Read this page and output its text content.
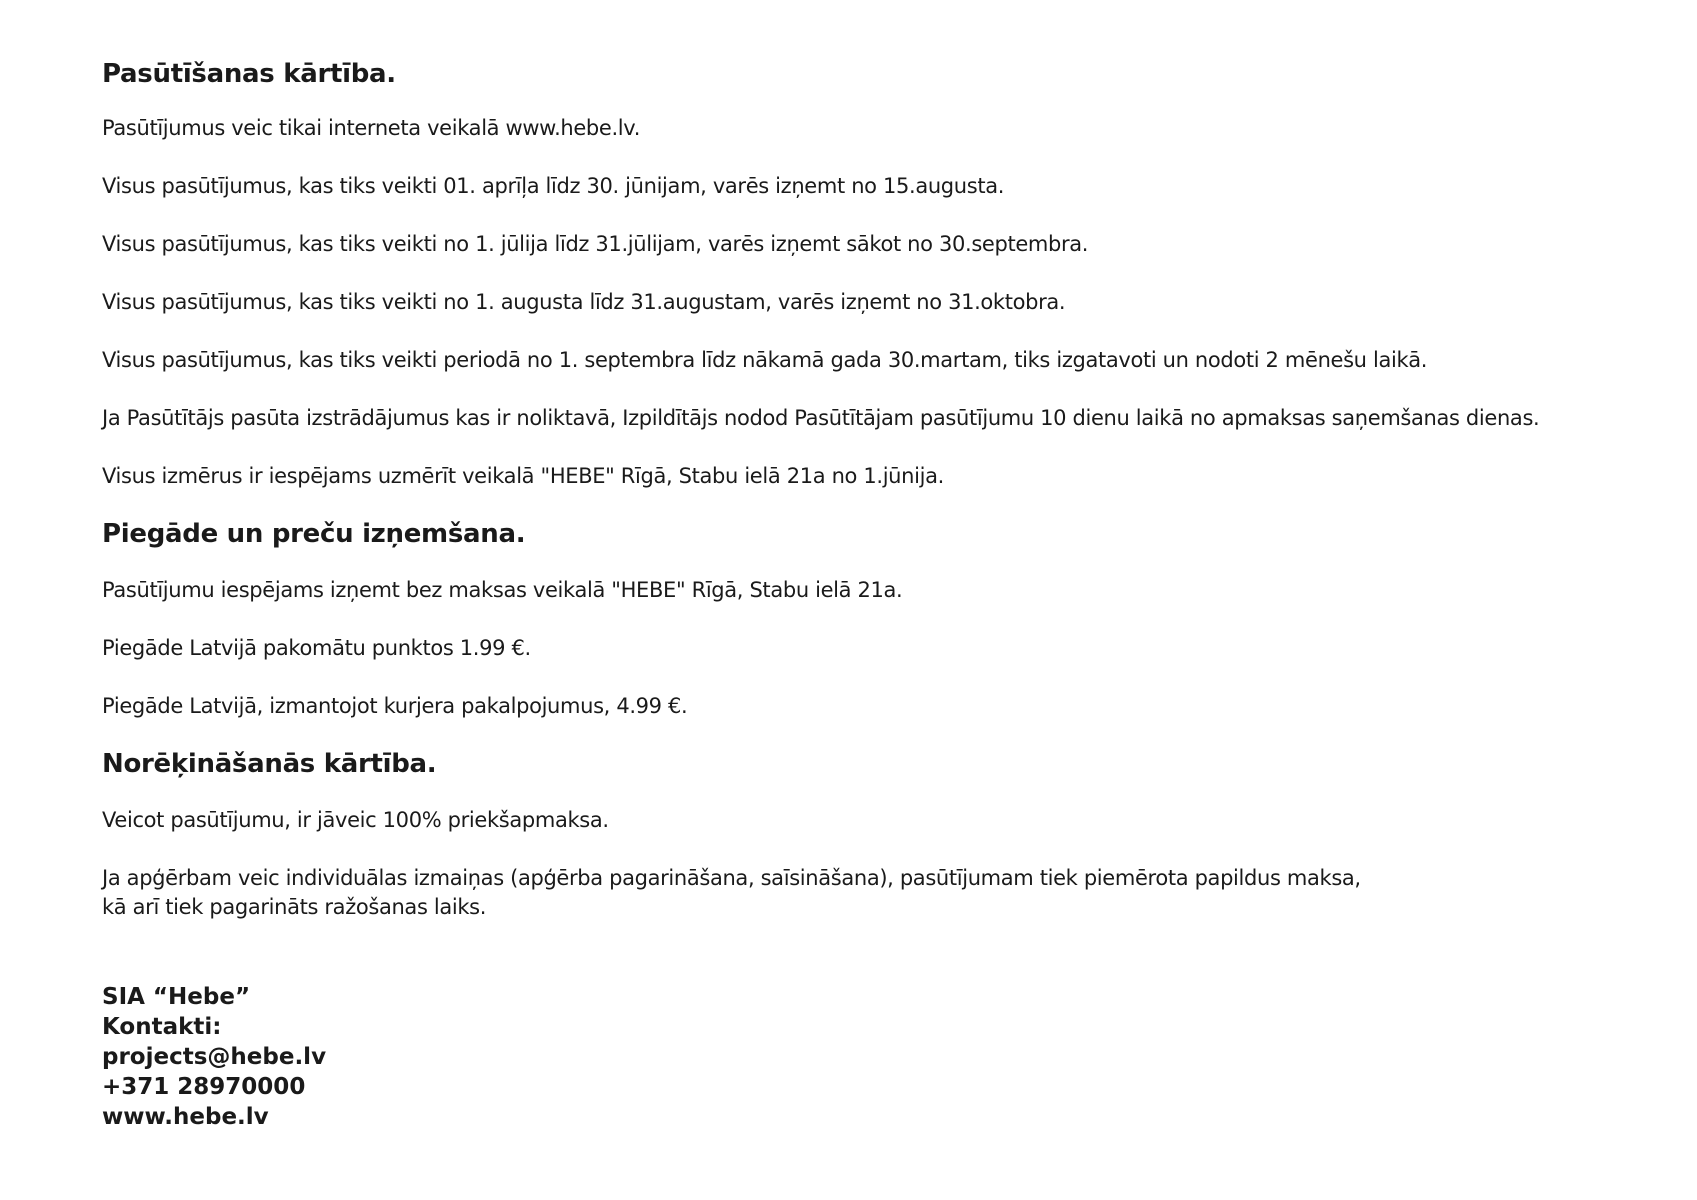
Pasūtīšanas kārtība.

Pasūtījumus veic tikai interneta veikalā www.hebe.lv.

Visus pasūtījumus, kas tiks veikti 01. aprīļa līdz 30. jūnijam, varēs izņemt no 15.augusta.

Visus pasūtījumus, kas tiks veikti no 1. jūlija līdz 31.jūlijam, varēs izņemt sākot no 30.septembra.

Visus pasūtījumus, kas tiks veikti no 1. augusta līdz 31.augustam, varēs izņemt no 31.oktobra.

Visus pasūtījumus, kas tiks veikti periodā no 1. septembra līdz nākamā gada 30.martam, tiks izgatavoti un nodoti 2 mēnešu laikā.

Ja Pasūtītājs pasūta izstrādājumus kas ir noliktavā, Izpildītājs nodod Pasūtītājam pasūtījumu 10 dienu laikā no apmaksas saņemšanas dienas.

Visus izmērus ir iespējams uzmērīt veikalā "HEBE" Rīgā, Stabu ielā 21a no 1.jūnija.

Piegāde un preču izņemšana.

Pasūtījumu iespējams izņemt bez maksas veikalā "HEBE" Rīgā, Stabu ielā 21a.

Piegāde Latvijā pakomātu punktos 1.99 €.

Piegāde Latvijā, izmantojot kurjera pakalpojumus, 4.99 €.

Norēķināšanās kārtība.

Veicot pasūtījumu, ir jāveic 100% priekšapmaksa.

Ja apģērbam veic individuālas izmaiņas (apģērba pagarināšana, saīsināšana), pasūtījumam tiek piemērota papildus maksa,
kā arī tiek pagarināts ražošanas laiks.

SIA “Hebe”
Kontakti:
projects@hebe.lv
+371 28970000
www.hebe.lv
